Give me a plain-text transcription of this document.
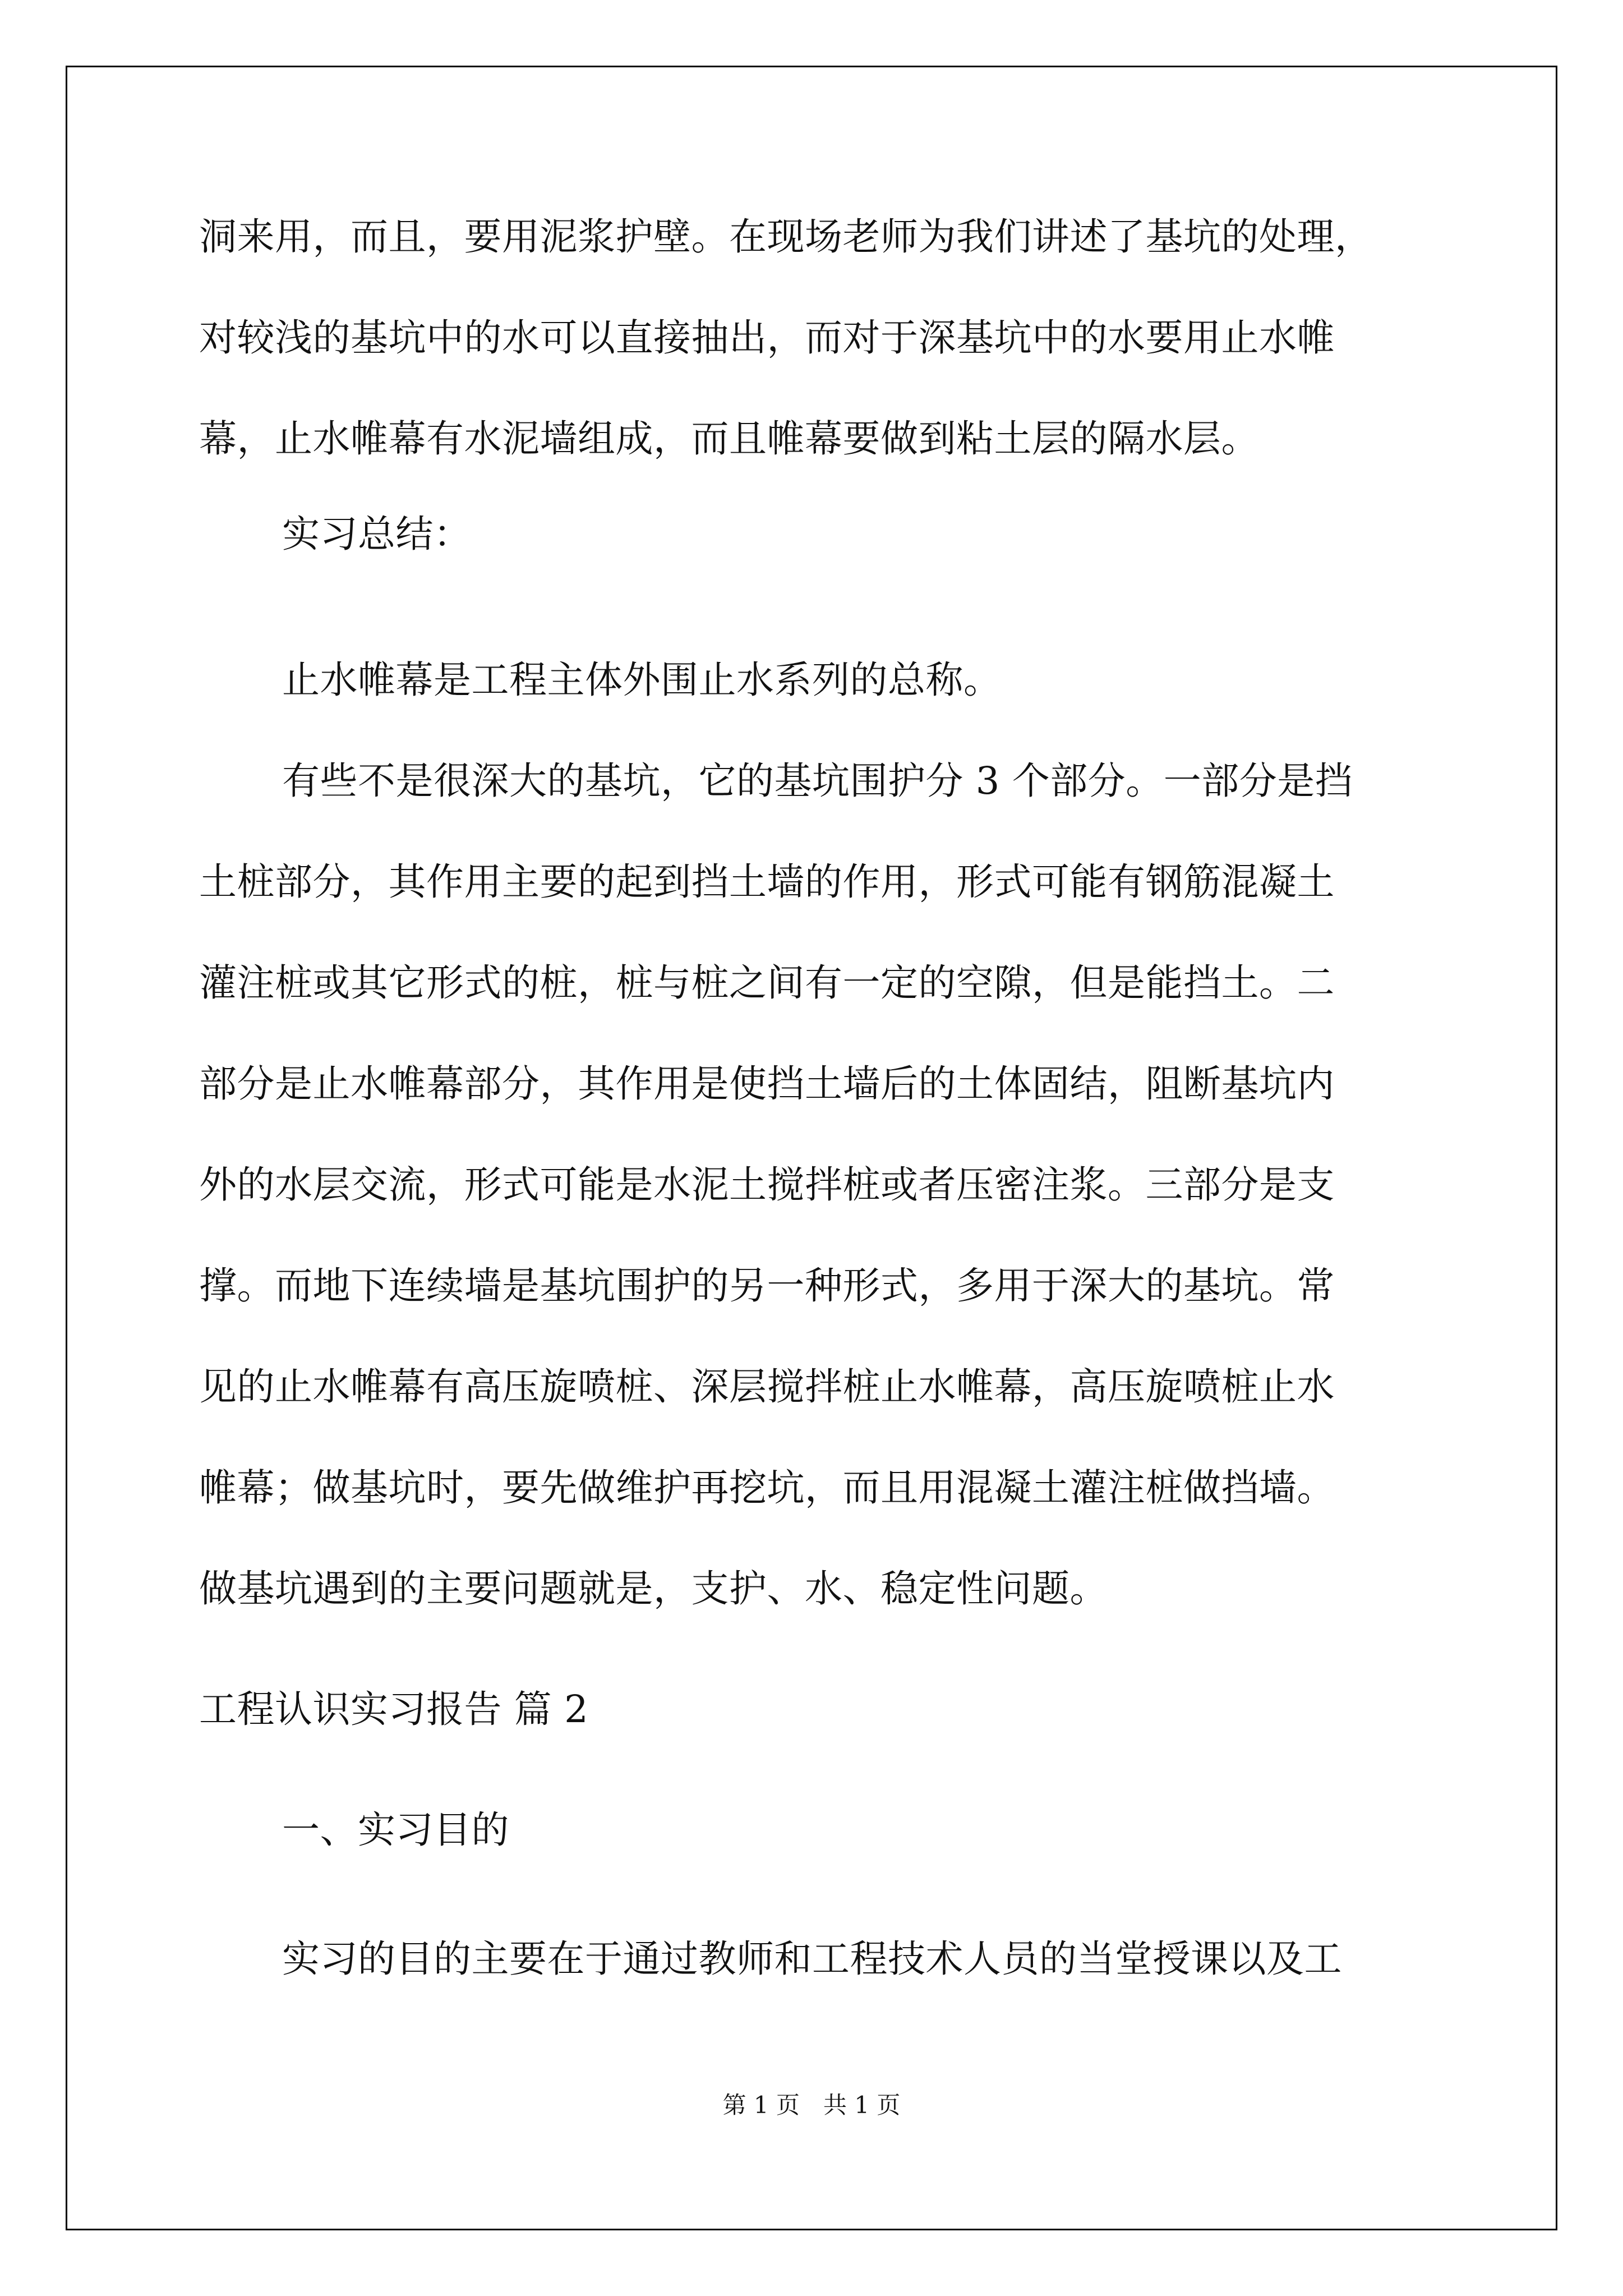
洞来用，而且，要用泥浆护壁。在现场老师为我们讲述了基坑的处理，

对较浅的基坑中的水可以直接抽出，而对于深基坑中的水要用止水帷

幕，止水帷幕有水泥墙组成，而且帷幕要做到粘土层的隔水层。

实习总结：

止水帷幕是工程主体外围止水系列的总称。

有些不是很深大的基坑，它的基坑围护分 3 个部分。一部分是挡

土桩部分，其作用主要的起到挡土墙的作用，形式可能有钢筋混凝土

灌注桩或其它形式的桩，桩与桩之间有一定的空隙，但是能挡土。二

部分是止水帷幕部分，其作用是使挡土墙后的土体固结，阻断基坑内

外的水层交流，形式可能是水泥土搅拌桩或者压密注浆。三部分是支

撑。而地下连续墙是基坑围护的另一种形式，多用于深大的基坑。常

见的止水帷幕有高压旋喷桩、深层搅拌桩止水帷幕，高压旋喷桩止水

帷幕；做基坑时，要先做维护再挖坑，而且用混凝土灌注桩做挡墙。

做基坑遇到的主要问题就是，支护、水、稳定性问题。

工程认识实习报告 篇 2

一、实习目的

实习的目的主要在于通过教师和工程技术人员的当堂授课以及工

第 1 页　共 1 页
